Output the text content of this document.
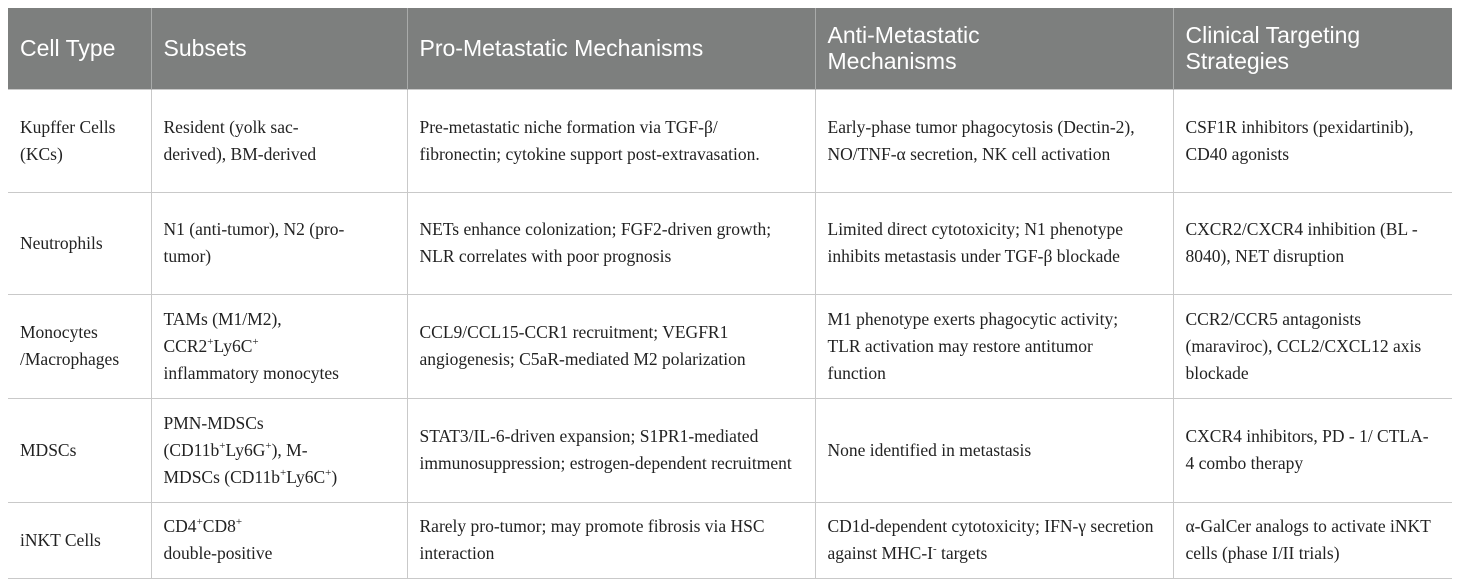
Cell Type	Subsets	Pro-Metastatic Mechanisms	Anti-Metastatic Mechanisms	Clinical Targeting Strategies
Kupffer Cells (KCs)	Resident (yolk sac-derived), BM-derived	Pre-metastatic niche formation via TGF-β/ fibronectin; cytokine support post-extravasation.	Early-phase tumor phagocytosis (Dectin-2), NO/TNF-α secretion, NK cell activation	CSF1R inhibitors (pexidartinib), CD40 agonists
Neutrophils	N1 (anti-tumor), N2 (pro-tumor)	NETs enhance colonization; FGF2-driven growth; NLR correlates with poor prognosis	Limited direct cytotoxicity; N1 phenotype inhibits metastasis under TGF-β blockade	CXCR2/CXCR4 inhibition (BL - 8040), NET disruption
Monocytes /Macrophages	TAMs (M1/M2),
CCR2+Ly6C+
inflammatory monocytes	CCL9/CCL15-CCR1 recruitment; VEGFR1 angiogenesis; C5aR-mediated M2 polarization	M1 phenotype exerts phagocytic activity; TLR activation may restore antitumor function	CCR2/CCR5 antagonists (maraviroc), CCL2/CXCL12 axis blockade
MDSCs	PMN-MDSCs
(CD11b+Ly6G+), M-
MDSCs (CD11b+Ly6C+)	STAT3/IL-6-driven expansion; S1PR1-mediated immunosuppression; estrogen-dependent recruitment	None identified in metastasis	CXCR4 inhibitors, PD - 1/ CTLA-4 combo therapy
iNKT Cells	CD4+CD8+
double-positive	Rarely pro-tumor; may promote fibrosis via HSC interaction	CD1d-dependent cytotoxicity; IFN-γ secretion against MHC-I- targets	α-GalCer analogs to activate iNKT cells (phase I/II trials)
